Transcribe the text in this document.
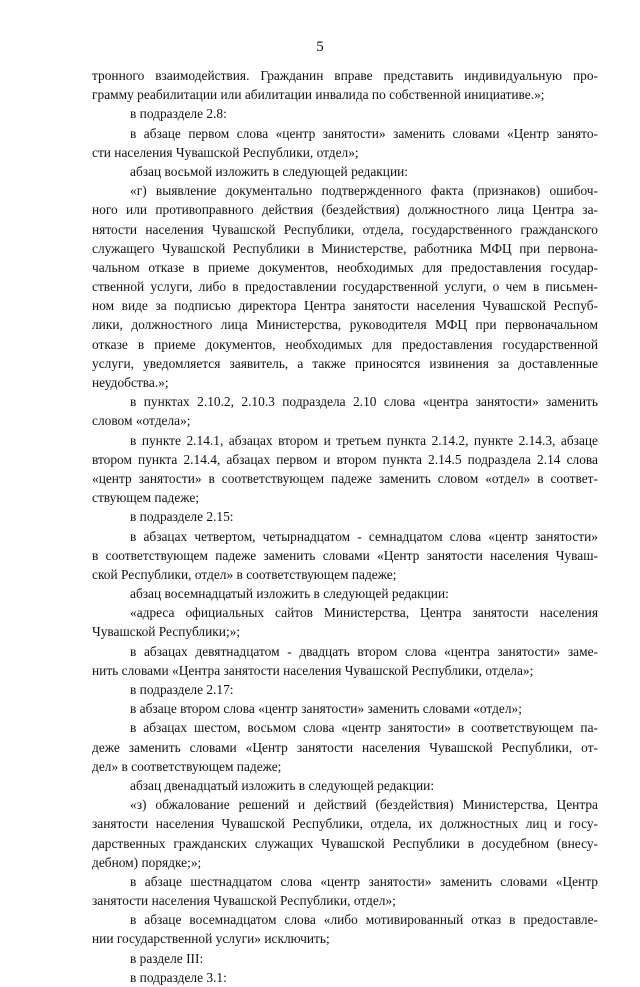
5
тронного взаимодействия. Гражданин вправе представить индивидуальную про-
грамму реабилитации или абилитации инвалида по собственной инициативе.»;
в подразделе 2.8:
в абзаце первом слова «центр занятости» заменить словами «Центр занято-
сти населения Чувашской Республики, отдел»;
абзац восьмой изложить в следующей редакции:
«г) выявление документально подтвержденного факта (признаков) ошибоч-
ного или противоправного действия (бездействия) должностного лица Центра за-
нятости населения Чувашской Республики, отдела, государственного гражданского
служащего Чувашской Республики в Министерстве, работника МФЦ при первона-
чальном отказе в приеме документов, необходимых для предоставления государ-
ственной услуги, либо в предоставлении государственной услуги, о чем в письмен-
ном виде за подписью директора Центра занятости населения Чувашской Респуб-
лики, должностного лица Министерства, руководителя МФЦ при первоначальном
отказе в приеме документов, необходимых для предоставления государственной
услуги, уведомляется заявитель, а также приносятся извинения за доставленные
неудобства.»;
в пунктах 2.10.2, 2.10.3 подраздела 2.10 слова «центра занятости» заменить
словом «отдела»;
в пункте 2.14.1, абзацах втором и третьем пункта 2.14.2, пункте 2.14.3, абзаце
втором пункта 2.14.4, абзацах первом и втором пункта 2.14.5 подраздела 2.14 слова
«центр занятости» в соответствующем падеже заменить словом «отдел» в соответ-
ствующем падеже;
в подразделе 2.15:
в абзацах четвертом, четырнадцатом - семнадцатом слова «центр занятости»
в соответствующем падеже заменить словами «Центр занятости населения Чуваш-
ской Республики, отдел» в соответствующем падеже;
абзац восемнадцатый изложить в следующей редакции:
«адреса официальных сайтов Министерства, Центра занятости населения
Чувашской Республики;»;
в абзацах девятнадцатом - двадцать втором слова «центра занятости» заме-
нить словами «Центра занятости населения Чувашской Республики, отдела»;
в подразделе 2.17:
в абзаце втором слова «центр занятости» заменить словами «отдел»;
в абзацах шестом, восьмом слова «центр занятости» в соответствующем па-
деже заменить словами «Центр занятости населения Чувашской Республики, от-
дел» в соответствующем падеже;
абзац двенадцатый изложить в следующей редакции:
«з) обжалование решений и действий (бездействия) Министерства, Центра
занятости населения Чувашской Республики, отдела, их должностных лиц и госу-
дарственных гражданских служащих Чувашской Республики в досудебном (внесу-
дебном) порядке;»;
в абзаце шестнадцатом слова «центр занятости» заменить словами «Центр
занятости населения Чувашской Республики, отдел»;
в абзаце восемнадцатом слова «либо мотивированный отказ в предоставле-
нии государственной услуги» исключить;
в разделе III:
в подразделе 3.1:
